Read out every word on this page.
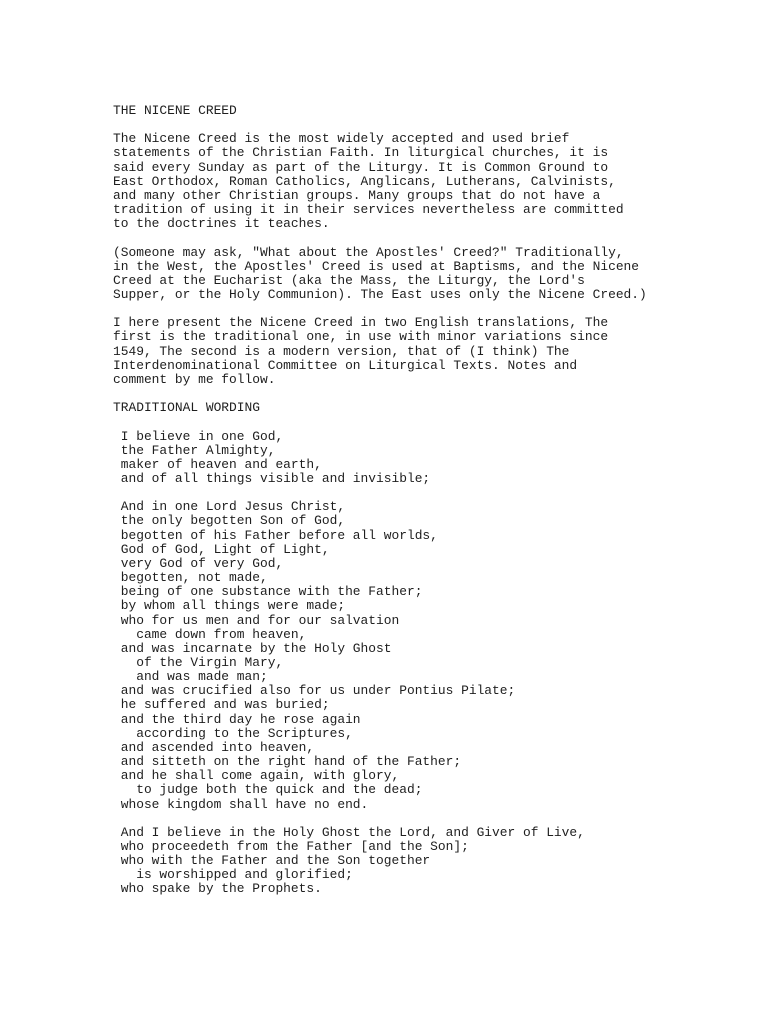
THE NICENE CREED
The Nicene Creed is the most widely accepted and used brief
statements of the Christian Faith. In liturgical churches, it is
said every Sunday as part of the Liturgy. It is Common Ground to
East Orthodox, Roman Catholics, Anglicans, Lutherans, Calvinists,
and many other Christian groups. Many groups that do not have a
tradition of using it in their services nevertheless are committed
to the doctrines it teaches.
(Someone may ask, "What about the Apostles' Creed?" Traditionally,
in the West, the Apostles' Creed is used at Baptisms, and the Nicene
Creed at the Eucharist (aka the Mass, the Liturgy, the Lord's
Supper, or the Holy Communion). The East uses only the Nicene Creed.)
I here present the Nicene Creed in two English translations, The
first is the traditional one, in use with minor variations since
1549, The second is a modern version, that of (I think) The
Interdenominational Committee on Liturgical Texts. Notes and
comment by me follow.
TRADITIONAL WORDING
I believe in one God,
the Father Almighty,
maker of heaven and earth,
and of all things visible and invisible;
And in one Lord Jesus Christ,
the only begotten Son of God,
begotten of his Father before all worlds,
God of God, Light of Light,
very God of very God,
begotten, not made,
being of one substance with the Father;
by whom all things were made;
who for us men and for our salvation
came down from heaven,
and was incarnate by the Holy Ghost
of the Virgin Mary,
and was made man;
and was crucified also for us under Pontius Pilate;
he suffered and was buried;
and the third day he rose again
according to the Scriptures,
and ascended into heaven,
and sitteth on the right hand of the Father;
and he shall come again, with glory,
to judge both the quick and the dead;
whose kingdom shall have no end.
And I believe in the Holy Ghost the Lord, and Giver of Live,
who proceedeth from the Father [and the Son];
who with the Father and the Son together
is worshipped and glorified;
who spake by the Prophets.
